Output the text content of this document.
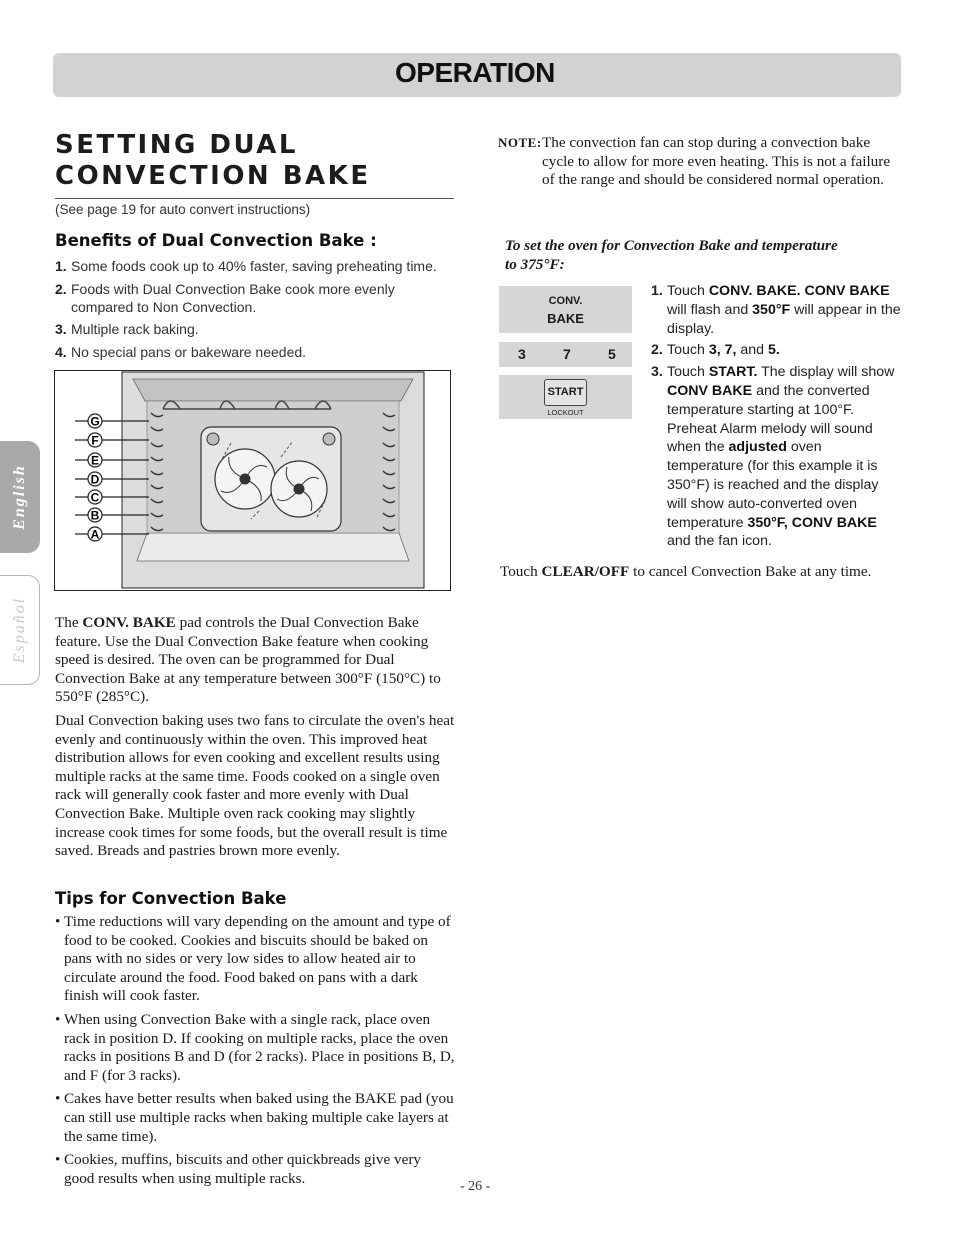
OPERATION
English
Español
SETTING DUAL CONVECTION BAKE
(See page 19 for auto convert instructions)
Benefits of Dual Convection Bake :
1. Some foods cook up to 40% faster, saving preheating time.
2. Foods with Dual Convection Bake cook more evenly compared to Non Convection.
3. Multiple rack baking.
4. No special pans or bakeware needed.
G
F
E
D
C
B
A
The CONV. BAKE pad controls the Dual Convection Bake feature. Use the Dual Convection Bake feature when cooking speed is desired. The oven can be programmed for Dual Convection Bake at any temperature between 300°F (150°C) to 550°F (285°C).
Dual Convection baking uses two fans to circulate the oven's heat evenly and continuously within the oven. This improved heat distribution allows for even cooking and excellent results using multiple racks at the same time. Foods cooked on a single oven rack will generally cook faster and more evenly with Dual Convection Bake. Multiple oven rack cooking may slightly increase cook times for some foods, but the overall result is time saved. Breads and pastries brown more evenly.
Tips for Convection Bake
• Time reductions will vary depending on the amount and type of food to be cooked. Cookies and biscuits should be baked on pans with no sides or very low sides to allow heated air to circulate around the food. Food baked on pans with a dark finish will cook faster.
• When using Convection Bake with a single rack, place oven rack in position D. If cooking on multiple racks, place the oven racks in positions B and D (for 2 racks). Place in positions B, D, and F (for 3 racks).
• Cakes have better results when baked using the BAKE pad (you can still use multiple racks when baking multiple cake layers at the same time).
• Cookies, muffins, biscuits and other quickbreads give very good results when using multiple racks.	- 26 -
NOTE: The convection fan can stop during a convection bake cycle to allow for more even heating. This is not a failure of the range and should be considered normal operation.
To set the oven for Convection Bake and temperature to 375°F:
CONV.
BAKE
3	7	5
START
LOCKOUT
1. Touch CONV. BAKE. CONV BAKE will flash and 350°F will appear in the display.
2. Touch 3, 7, and 5.
3. Touch START. The display will show CONV BAKE and the converted temperature starting at 100°F. Preheat Alarm melody will sound when the adjusted oven temperature (for this example it is 350°F) is reached and the display will show auto-converted oven temperature 350°F, CONV BAKE and the fan icon.
Touch CLEAR/OFF to cancel Convection Bake at any time.
